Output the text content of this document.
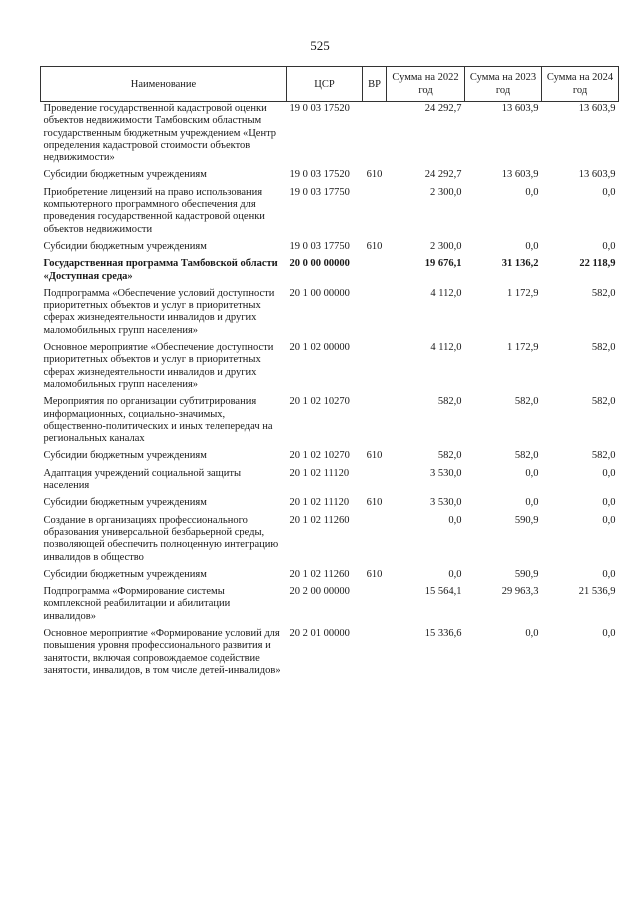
525
Наименование	ЦСР	ВР	Сумма на 2022 год	Сумма на 2023 год	Сумма на 2024 год
Проведение государственной кадастровой оценки объектов недвижимости Тамбовским областным государственным бюджетным учреждением «Центр определения кадастровой стоимости объектов недвижимости»	19 0 03 17520		24 292,7	13 603,9	13 603,9
Субсидии бюджетным учреждениям	19 0 03 17520	610	24 292,7	13 603,9	13 603,9
Приобретение лицензий на право использования компьютерного программного обеспечения для проведения государственной кадастровой оценки объектов недвижимости	19 0 03 17750		2 300,0	0,0	0,0
Субсидии бюджетным учреждениям	19 0 03 17750	610	2 300,0	0,0	0,0
Государственная программа Тамбовской области «Доступная среда»	20 0 00 00000		19 676,1	31 136,2	22 118,9
Подпрограмма «Обеспечение условий доступности приоритетных объектов и услуг в приоритетных сферах жизнедеятельности инвалидов и других маломобильных групп населения»	20 1 00 00000		4 112,0	1 172,9	582,0
Основное мероприятие «Обеспечение доступности приоритетных объектов и услуг в приоритетных сферах жизнедеятельности инвалидов и других маломобильных групп населения»	20 1 02 00000		4 112,0	1 172,9	582,0
Мероприятия по организации субтитрирования информационных, социально-значимых, общественно-политических и иных телепередач на региональных каналах	20 1 02 10270		582,0	582,0	582,0
Субсидии бюджетным учреждениям	20 1 02 10270	610	582,0	582,0	582,0
Адаптация учреждений социальной защиты населения	20 1 02 11120		3 530,0	0,0	0,0
Субсидии бюджетным учреждениям	20 1 02 11120	610	3 530,0	0,0	0,0
Создание в организациях профессионального образования универсальной безбарьерной среды, позволяющей обеспечить полноценную интеграцию инвалидов в общество	20 1 02 11260		0,0	590,9	0,0
Субсидии бюджетным учреждениям	20 1 02 11260	610	0,0	590,9	0,0
Подпрограмма «Формирование системы комплексной реабилитации и абилитации инвалидов»	20 2 00 00000		15 564,1	29 963,3	21 536,9
Основное мероприятие «Формирование условий для повышения уровня профессионального развития и занятости, включая сопровождаемое содействие занятости, инвалидов, в том числе детей-инвалидов»	20 2 01 00000		15 336,6	0,0	0,0
